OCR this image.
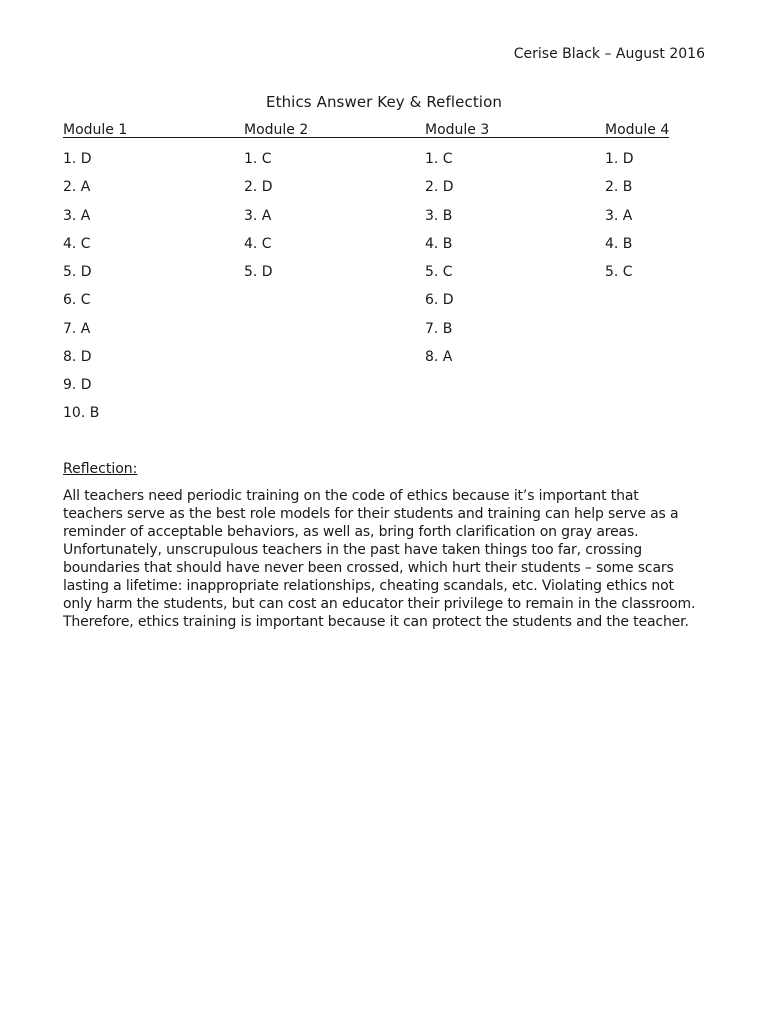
Cerise Black – August 2016
Ethics Answer Key & Reflection
Module 1
1. D
2. A
3. A
4. C
5. D
6. C
7. A
8. D
9. D
10. B
Module 2
1. C
2. D
3. A
4. C
5. D
Module 3
1. C
2. D
3. B
4. B
5. C
6. D
7. B
8. A
Module 4
1. D
2. B
3. A
4. B
5. C
Reflection:

All teachers need periodic training on the code of ethics because it’s important that
teachers serve as the best role models for their students and training can help serve as a
reminder of acceptable behaviors, as well as, bring forth clarification on gray areas.
Unfortunately, unscrupulous teachers in the past have taken things too far, crossing
boundaries that should have never been crossed, which hurt their students – some scars
lasting a lifetime: inappropriate relationships, cheating scandals, etc. Violating ethics not
only harm the students, but can cost an educator their privilege to remain in the classroom.
Therefore, ethics training is important because it can protect the students and the teacher.
